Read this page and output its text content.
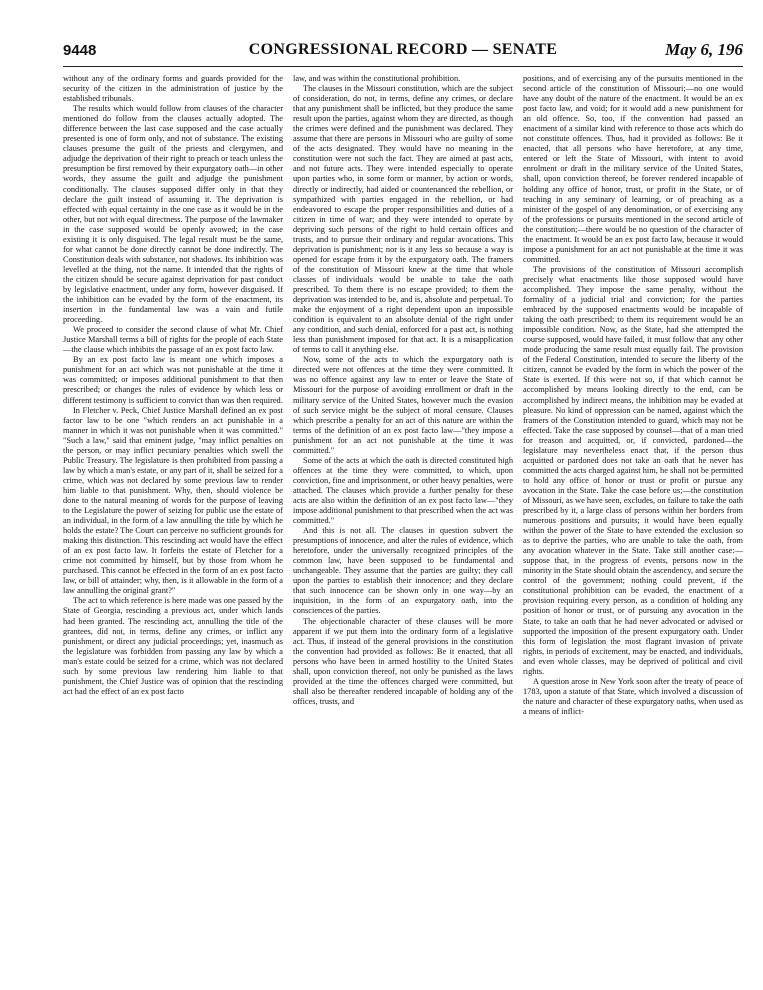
9448	CONGRESSIONAL RECORD — SENATE	May 6, 196

without any of the ordinary forms and guards provided for the security of the citizen in the administration of justice by the established tribunals.

The results which would follow from clauses of the character mentioned do follow from the clauses actually adopted. The difference between the last case supposed and the case actually presented is one of form only, and not of substance. The existing clauses presume the guilt of the priests and clergymen, and adjudge the deprivation of their right to preach or teach unless the presumption be first removed by their expurgatory oath—in other words, they assume the guilt and adjudge the punishment conditionally. The clauses supposed differ only in that they declare the guilt instead of assuming it. The deprivation is effected with equal certainty in the one case as it would be in the other, but not with equal directness. The purpose of the lawmaker in the case supposed would be openly avowed; in the case existing it is only disguised. The legal result must be the same, for what cannot be done directly cannot be done indirectly. The Constitution deals with substance, not shadows. Its inhibition was levelled at the thing, not the name. It intended that the rights of the citizen should be secure against deprivation for past conduct by legislative enactment, under any form, however disguised. If the inhibition can be evaded by the form of the enactment, its insertion in the fundamental law was a vain and futile proceeding.

We proceed to consider the second clause of what Mr. Chief Justice Marshall terms a bill of rights for the people of each State—the clause which inhibits the passage of an ex post facto law.

By an ex post facto law is meant one which imposes a punishment for an act which was not punishable at the time it was committed; or imposes additional punishment to that then prescribed; or changes the rules of evidence by which less or different testimony is sufficient to convict than was then required.

In Fletcher v. Peck, Chief Justice Marshall defined an ex post factor law to be one "which renders an act punishable in a manner in which it was not punishable when it was committed." "Such a law," said that eminent judge, "may inflict penalties on the person, or may inflict pecuniary penalties which swell the Public Treasury. The legislature is then prohibited from passing a law by which a man's estate, or any part of it, shall be seized for a crime, which was not declared by some previous law to render him liable to that punishment. Why, then, should violence be done to the natural meaning of words for the purpose of leaving to the Legislature the power of seizing for public use the estate of an individual, in the form of a law annulling the title by which he holds the estate? The Court can perceive no sufficient grounds for making this distinction. This rescinding act would have the effect of an ex post facto law. It forfeits the estate of Fletcher for a crime not committed by himself, but by those from whom he purchased. This cannot be effected in the form of an ex post facto law, or bill of attainder; why, then, is it allowable in the form of a law annulling the original grant?"

The act to which reference is here made was one passed by the State of Georgia, rescinding a previous act, under which lands had been granted. The rescinding act, annulling the title of the grantees, did not, in terms, define any crimes, or inflict any punishment, or direct any judicial proceedings; yet, inasmuch as the legislature was forbidden from passing any law by which a man's estate could be seized for a crime, which was not declared such by some previous law rendering him liable to that punishment, the Chief Justice was of opinion that the rescinding act had the effect of an ex post facto

law, and was within the constitutional prohibition.

The clauses in the Missouri constitution, which are the subject of consideration, do not, in terms, define any crimes, or declare that any punishment shall be inflicted, but they produce the same result upon the parties, against whom they are directed, as though the crimes were defined and the punishment was declared. They assume that there are persons in Missouri who are guilty of some of the acts designated. They would have no meaning in the constitution were not such the fact. They are aimed at past acts, and not future acts. They were intended especially to operate upon parties who, in some form or manner, by action or words, directly or indirectly, had aided or countenanced the rebellion, or sympathized with parties engaged in the rebellion, or had endeavored to escape the proper responsibilities and duties of a citizen in time of war; and they were intended to operate by depriving such persons of the right to hold certain offices and trusts, and to pursue their ordinary and regular avocations. This deprivation is punishment; nor is it any less so because a way is opened for escape from it by the expurgatory oath. The framers of the constitution of Missouri knew at the time that whole classes of individuals would be unable to take the oath prescribed. To them there is no escape provided; to them the deprivation was intended to be, and is, absolute and perpetual. To make the enjoyment of a right dependent upon an impossible condition is equivalent to an absolute denial of the right under any condition, and such denial, enforced for a past act, is nothing less than punishment imposed for that act. It is a misapplication of terms to call it anything else.

Now, some of the acts to which the expurgatory oath is directed were not offences at the time they were committed. It was no offence against any law to enter or leave the State of Missouri for the purpose of avoiding enrollment or draft in the military service of the United States, however much the evasion of such service might be the subject of moral censure. Clauses which prescribe a penalty for an act of this nature are within the terms of the definition of an ex post facto law—"they impose a punishment for an act not punishable at the time it was committed."

Some of the acts at which the oath is directed constituted high offences at the time they were committed, to which, upon conviction, fine and imprisonment, or other heavy penalties, were attached. The clauses which provide a further penalty for these acts are also within the definition of an ex post facto law—"they impose additional punishment to that prescribed when the act was committed."

And this is not all. The clauses in question subvert the presumptions of innocence, and alter the rules of evidence, which heretofore, under the universally recognized principles of the common law, have been supposed to be fundamental and unchangeable. They assume that the parties are guilty; they call upon the parties to establish their innocence; and they declare that such innocence can be shown only in one way—by an inquisition, in the form of an expurgatory oath, into the consciences of the parties.

The objectionable character of these clauses will be more apparent if we put them into the ordinary form of a legislative act. Thus, if instead of the general provisions in the constitution the convention had provided as follows: Be it enacted, that all persons who have been in armed hostility to the United States shall, upon conviction thereof, not only be punished as the laws provided at the time the offences charged were committed, but shall also be thereafter rendered incapable of holding any of the offices, trusts, and

positions, and of exercising any of the pursuits mentioned in the second article of the constitution of Missouri;—no one would have any doubt of the nature of the enactment. It would be an ex post facto law, and void; for it would add a new punishment for an old offence. So, too, if the convention had passed an enactment of a similar kind with reference to those acts which do not constitute offences. Thus, had it provided as follows: Be it enacted, that all persons who have heretofore, at any time, entered or left the State of Missouri, with intent to avoid enrolment or draft in the military service of the United States, shall, upon conviction thereof, be forever rendered incapable of holding any office of honor, trust, or profit in the State, or of teaching in any seminary of learning, or of preaching as a minister of the gospel of any denomination, or of exercising any of the professions or pursuits mentioned in the second article of the constitution;—there would be no question of the character of the enactment. It would be an ex post facto law, because it would impose a punishment for an act not punishable at the time it was committed.

The provisions of the constitution of Missouri accomplish precisely what enactments like those supposed would have accomplished. They impose the same penalty, without the formality of a judicial trial and conviction; for the parties embraced by the supposed enactments would be incapable of taking the oath prescribed; to them its requirement would be an impossible condition. Now, as the State, had she attempted the course supposed, would have failed, it must follow that any other mode producing the same result must equally fail. The provision of the Federal Constitution, intended to secure the liberty of the citizen, cannot be evaded by the form in which the power of the State is exerted. If this were not so, if that which cannot be accomplished by means looking directly to the end, can be accomplished by indirect means, the inhibition may be evaded at pleasure. No kind of oppression can be named, against which the framers of the Constitution intended to guard, which may not be effected. Take the case supposed by counsel—that of a man tried for treason and acquitted, or, if convicted, pardoned—the legislature may nevertheless enact that, if the person thus acquitted or pardoned does not take an oath that he never has committed the acts charged against him, he shall not be permitted to hold any office of honor or trust or profit or pursue any avocation in the State. Take the case before us;—the constitution of Missouri, as we have seen, excludes, on failure to take the oath prescribed by it, a large class of persons within her borders from numerous positions and pursuits; it would have been equally within the power of the State to have extended the exclusion so as to deprive the parties, who are unable to take the oath, from any avocation whatever in the State. Take still another case:—suppose that, in the progress of events, persons now in the minority in the State should obtain the ascendency, and secure the control of the government; nothing could prevent, if the constitutional prohibition can be evaded, the enactment of a provision requiring every person, as a condition of holding any position of honor or trust, or of pursuing any avocation in the State, to take an oath that he had never advocated or advised or supported the imposition of the present expurgatory oath. Under this form of legislation the most flagrant invasion of private rights, in periods of excitement, may be enacted, and individuals, and even whole classes, may be deprived of political and civil rights.

A question arose in New York soon after the treaty of peace of 1783, upon a statute of that State, which involved a discussion of the nature and character of these expurgatory oaths, when used as a means of inflict-
